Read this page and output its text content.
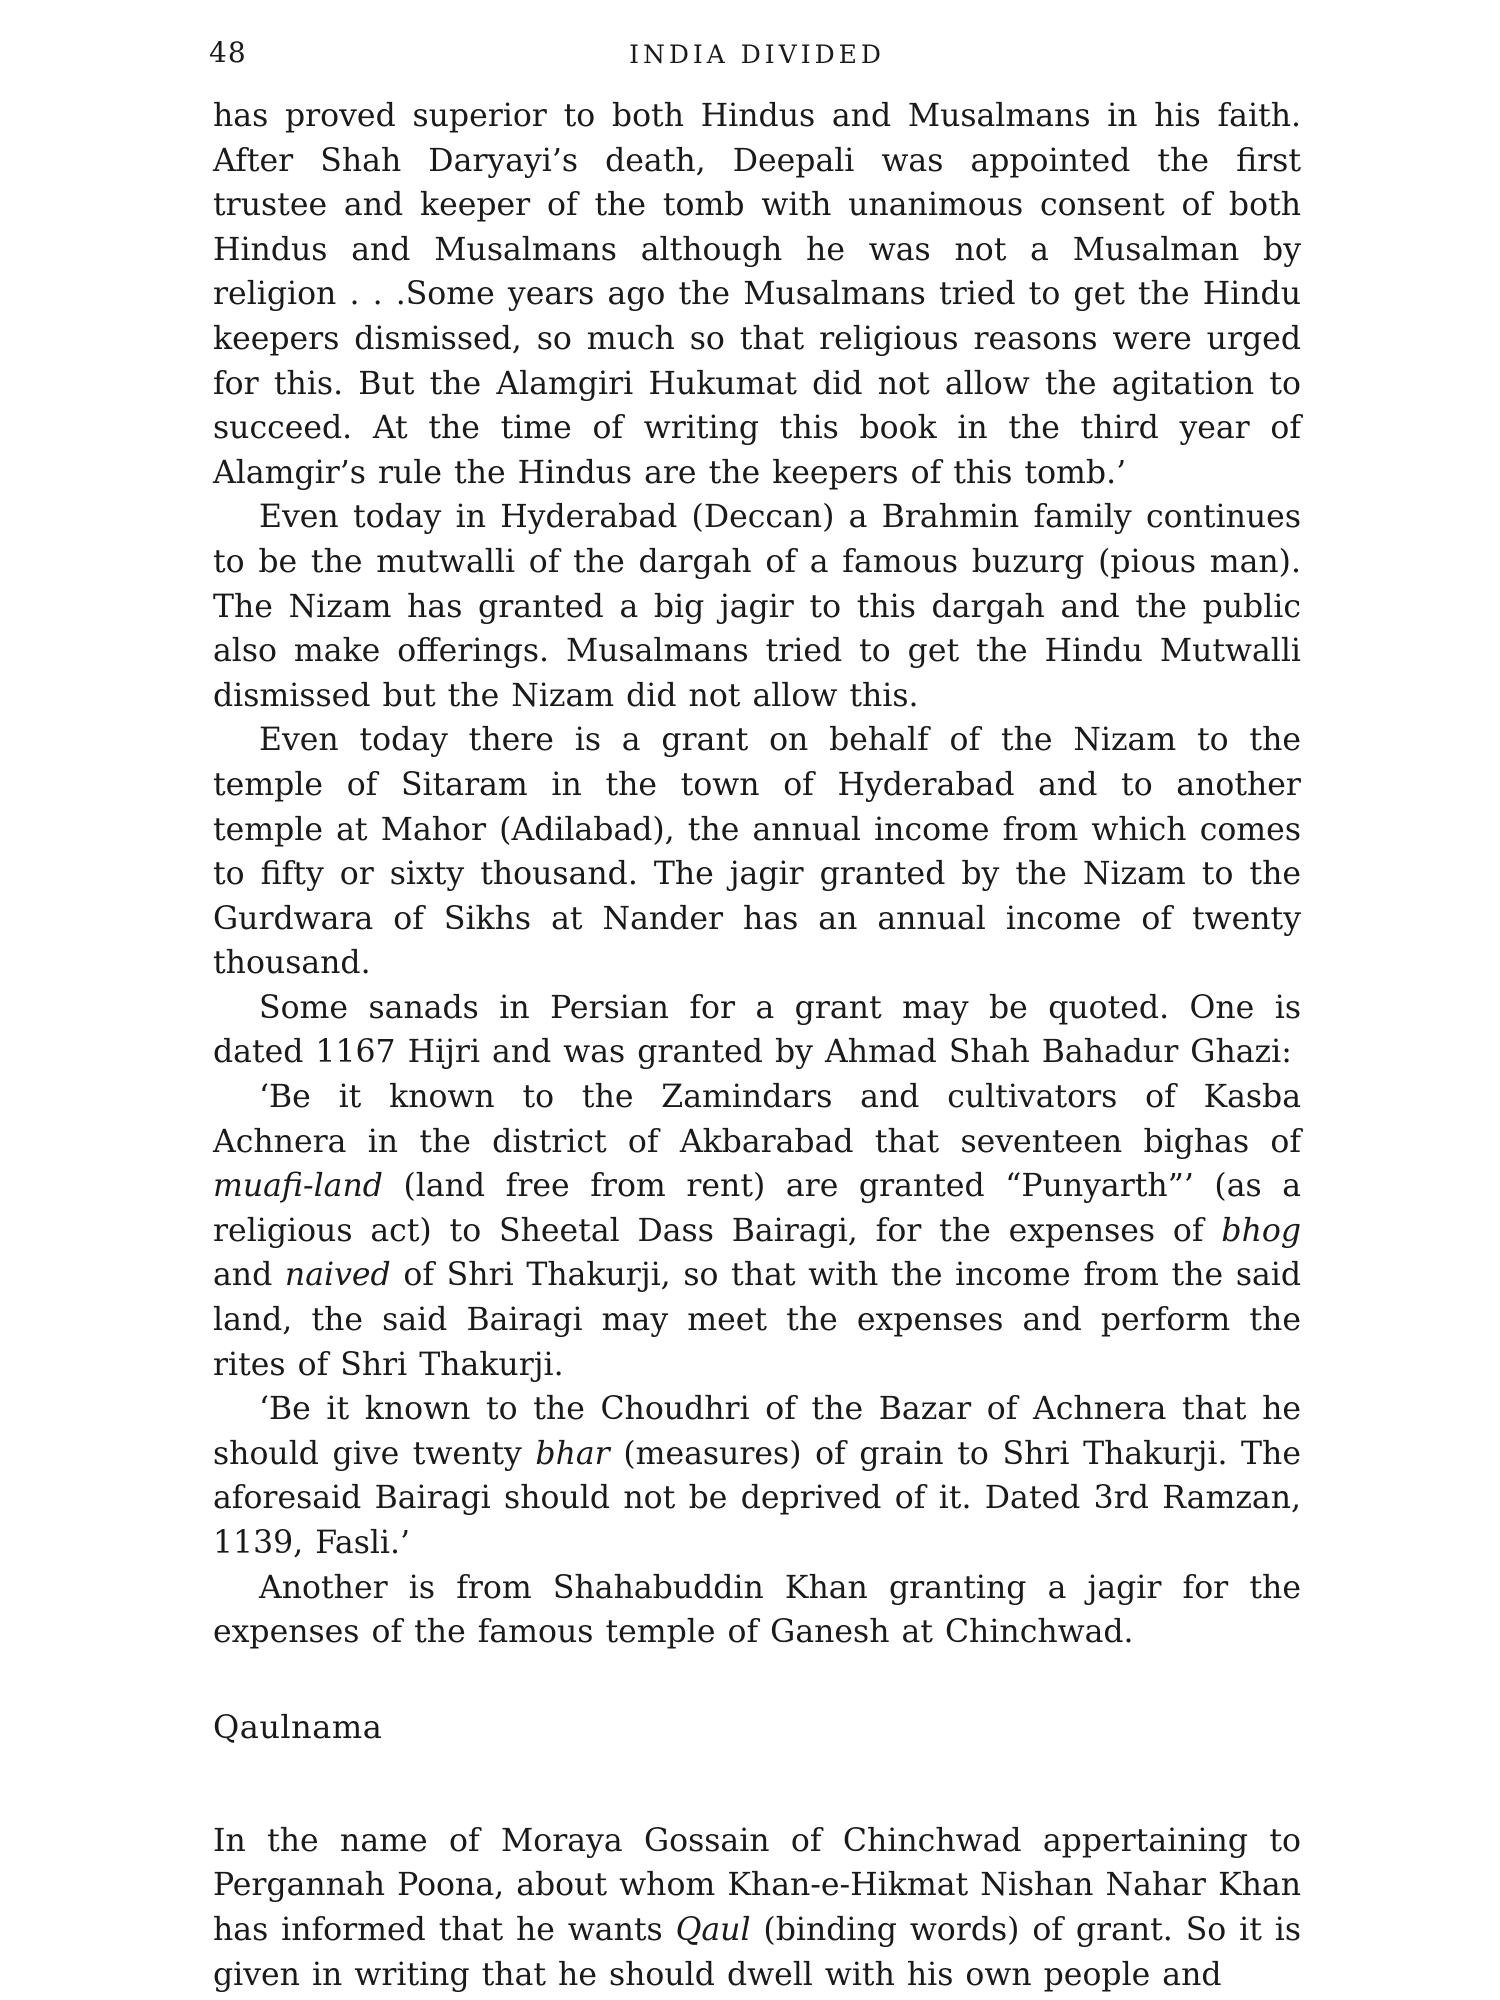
48	INDIA DIVIDED

has proved superior to both Hindus and Musalmans in his faith. After Shah Daryayi’s death, Deepali was appointed the first trustee and keeper of the tomb with unanimous consent of both Hindus and Musalmans although he was not a Musalman by religion . . .Some years ago the Musalmans tried to get the Hindu keepers dismissed, so much so that religious reasons were urged for this. But the Alamgiri Hukumat did not allow the agitation to succeed. At the time of writing this book in the third year of Alamgir’s rule the Hindus are the keepers of this tomb.’

Even today in Hyderabad (Deccan) a Brahmin family continues to be the mutwalli of the dargah of a famous buzurg (pious man). The Nizam has granted a big jagir to this dargah and the public also make offerings. Musalmans tried to get the Hindu Mutwalli dismissed but the Nizam did not allow this.

Even today there is a grant on behalf of the Nizam to the temple of Sitaram in the town of Hyderabad and to another temple at Mahor (Adilabad), the annual income from which comes to fifty or sixty thousand. The jagir granted by the Nizam to the Gurdwara of Sikhs at Nander has an annual income of twenty thousand.

Some sanads in Persian for a grant may be quoted. One is dated 1167 Hijri and was granted by Ahmad Shah Bahadur Ghazi:

‘Be it known to the Zamindars and cultivators of Kasba Achnera in the district of Akbarabad that seventeen bighas of muafi-land (land free from rent) are granted “Punyarth”’ (as a religious act) to Sheetal Dass Bairagi, for the expenses of bhog and naived of Shri Thakurji, so that with the income from the said land, the said Bairagi may meet the expenses and perform the rites of Shri Thakurji.

‘Be it known to the Choudhri of the Bazar of Achnera that he should give twenty bhar (measures) of grain to Shri Thakurji. The aforesaid Bairagi should not be deprived of it. Dated 3rd Ramzan, 1139, Fasli.’

Another is from Shahabuddin Khan granting a jagir for the expenses of the famous temple of Ganesh at Chinchwad.

Qaulnama

In the name of Moraya Gossain of Chinchwad appertaining to Pergannah Poona, about whom Khan-e-Hikmat Nishan Nahar Khan has informed that he wants Qaul (binding words) of grant. So it is given in writing that he should dwell with his own people and
